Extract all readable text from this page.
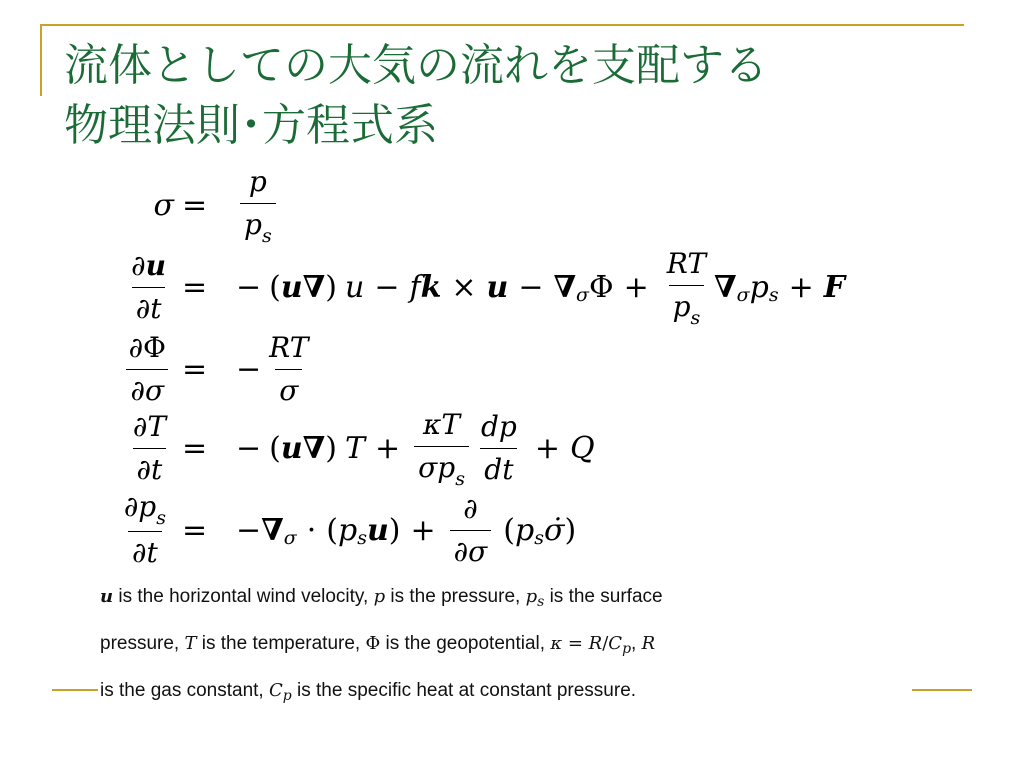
流体としての大気の流れを支配する
物理法則･方程式系
$\sigma = \frac{p}{p_s}$
$\frac{\partial u}{\partial t}$ = − ( u ∇ ) u − f k × u − ∇ σ $\Phi + \frac{RT}{p_s}$ ∇ σ p s + F
$\frac{\partial\Phi}{\partial\sigma}$ = − $\frac{RT}{\sigma}$
$\frac{\partial T}{\partial t}$ = − ( u ∇ ) $T + \frac{\kappa T}{\sigma p_s} \frac{dp}{dt} + Q$
$\frac{\partial p_s}{\partial t}$ = − ∇ σ · ( p s u ) + $\frac{\partial}{\partial\sigma}$ ( p s σ̇ )
u is the horizontal wind velocity, p is the pressure, $p_s$ is the surface
pressure, T is the temperature, Φ is the geopotential, $\kappa = R/C_p$, R
is the gas constant, $C_p$ is the specific heat at constant pressure.
